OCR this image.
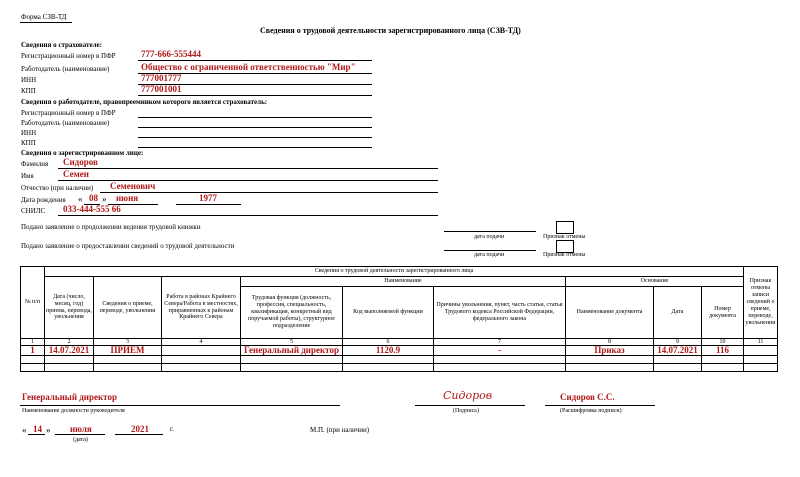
Форма СЗВ-ТД
Сведения о трудовой деятельности зарегистрированного лица (СЗВ-ТД)
Сведения о страхователе:
Регистрационный номер в ПФР	777-666-555444
Работодатель (наименование)	Общество с ограниченной ответственностью "Мир"
ИНН	777001777
КПП	777001001
Сведения о работодателе, правопреемником которого является страхователь:
Регистрационный номер в ПФР
Работодатель (наименование)
ИНН
КПП
Сведения о зарегистрированном лице:
Фамилия Сидоров
Имя	Семен
Отчество (при наличии) Семенович
Дата рождения « 08 » июня	1977
СНИЛС 033-444-555 66
Подано заявление о продолжении ведения трудовой книжки
дата подачи	Признак отмены
Подано заявление о предоставлении сведений о трудовой деятельности
дата подачи	Признак отмены
№ п/п	Сведения о трудовой деятельности зарегистрированного лица									Признак отмены записи сведений о приеме, переводе, увольнении
	Дата (число, месяц, год) приема, перевода, увольнения	Сведения о приеме, переводе, увольнении	Работа в районах Крайнего Севера/Работа в местностях, приравненных к районам Крайнего Севера	Наименование			Основание			
				Трудовая функция (должность, профессия, специальность, квалификация, конкретный вид поручаемой работы), структурное подразделение	Код выполняемой функции	Причины увольнения, пункт, часть статьи, статья Трудового кодекса Российской Федерации, федерального закона	Наименование документа	Дата	Номер документа	
1	2	3	4	5	6	7	8	9	10	11
1	14.07.2021	ПРИЕМ		Генеральный директор	1120.9	-	Приказ	14.07.2021	116	

Генеральный директор
Наименование должности руководителя
Сидоров
(Подпись)
Сидоров С.С.
(Расшифровка подписи)
« 14 » июля	2021	г.
(дата)
М.П. (при наличии)
